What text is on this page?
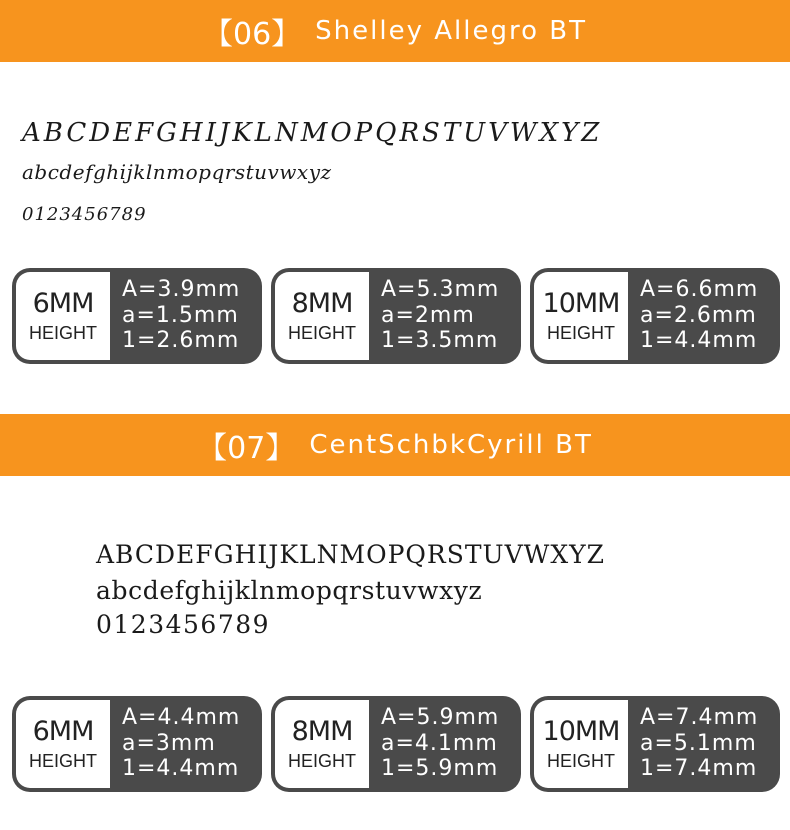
【06】 Shelley Allegro BT
ABCDEFGHIJKLNMOPQRSTUVWXYZ
abcdefghijklnmopqrstuvwxyz
0123456789
6MM
HEIGHT
A=3.9mm
a=1.5mm
1=2.6mm
8MM
HEIGHT
A=5.3mm
a=2mm
1=3.5mm
10MM
HEIGHT
A=6.6mm
a=2.6mm
1=4.4mm
【07】 CentSchbkCyrill BT
ABCDEFGHIJKLNMOPQRSTUVWXYZ
abcdefghijklnmopqrstuvwxyz
0123456789
6MM
HEIGHT
A=4.4mm
a=3mm
1=4.4mm
8MM
HEIGHT
A=5.9mm
a=4.1mm
1=5.9mm
10MM
HEIGHT
A=7.4mm
a=5.1mm
1=7.4mm
